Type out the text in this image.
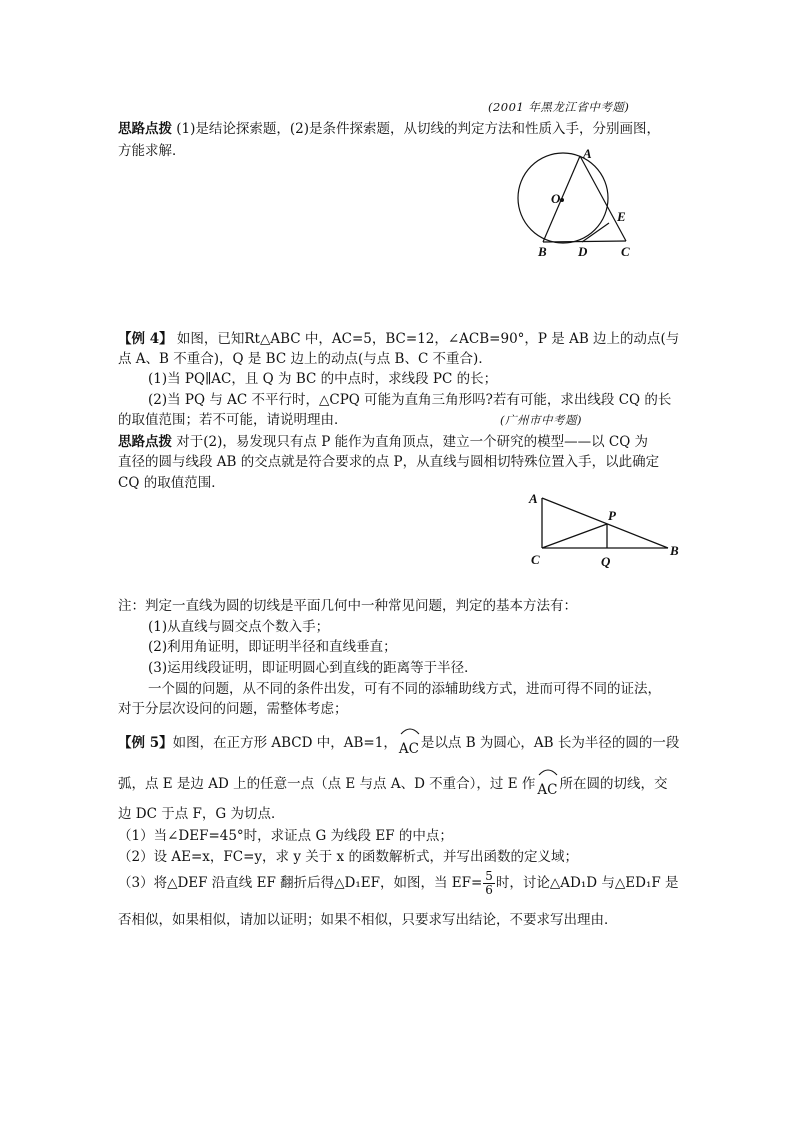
(2001 年黑龙江省中考题)
思路点拨 (1)是结论探索题，(2)是条件探索题，从切线的判定方法和性质入手，分别画图，
方能求解．	A
O
E
B D	C
【例 4】 如图，已知Rt△ABC 中，AC=5，BC=12，∠ACB=90°，P 是 AB 边上的动点(与
点 A、B 不重合)，Q 是 BC 边上的动点(与点 B、C 不重合)．
(1)当 PQ∥AC，且 Q 为 BC 的中点时，求线段 PC 的长；
(2)当 PQ 与 AC 不平行时，△CPQ 可能为直角三角形吗?若有可能，求出线段 CQ 的长
的取值范围；若不可能，请说明理由．	(广州市中考题)
思路点拨 对于(2)，易发现只有点 P 能作为直角顶点，建立一个研究的模型——以 CQ 为
直径的圆与线段 AB 的交点就是符合要求的点 P，从直线与圆相切特殊位置入手，以此确定
CQ 的取值范围．
A
P
C	Q
B
注：判定一直线为圆的切线是平面几何中一种常见问题，判定的基本方法有：
(1)从直线与圆交点个数入手；
(2)利用角证明，即证明半径和直线垂直；
(3)运用线段证明，即证明圆心到直线的距离等于半径．
一个圆的问题，从不同的条件出发，可有不同的添辅助线方式，进而可得不同的证法，
对于分层次设问的问题，需整体考虑；
【例 5】如图，在正方形 ABCD 中，AB=1， AC 是以点 B 为圆心，AB 长为半径的圆的一段
弧，点 E 是边 AD 上的任意一点（点 E 与点 A、D 不重合），过 E 作 AC 所在圆的切线，交
边 DC 于点 F，G 为切点．
（1）当∠DEF=45°时，求证点 G 为线段 EF 的中点；
（2）设 AE=x，FC=y，求 y 关于 x 的函数解析式，并写出函数的定义域；
（3）将△DEF 沿直线 EF 翻折后得△D₁EF，如图，当 $EF= \frac{5}{6}$ 时，讨论△AD₁D 与△ED₁F 是
否相似，如果相似，请加以证明；如果不相似，只要求写出结论，不要求写出理由．
